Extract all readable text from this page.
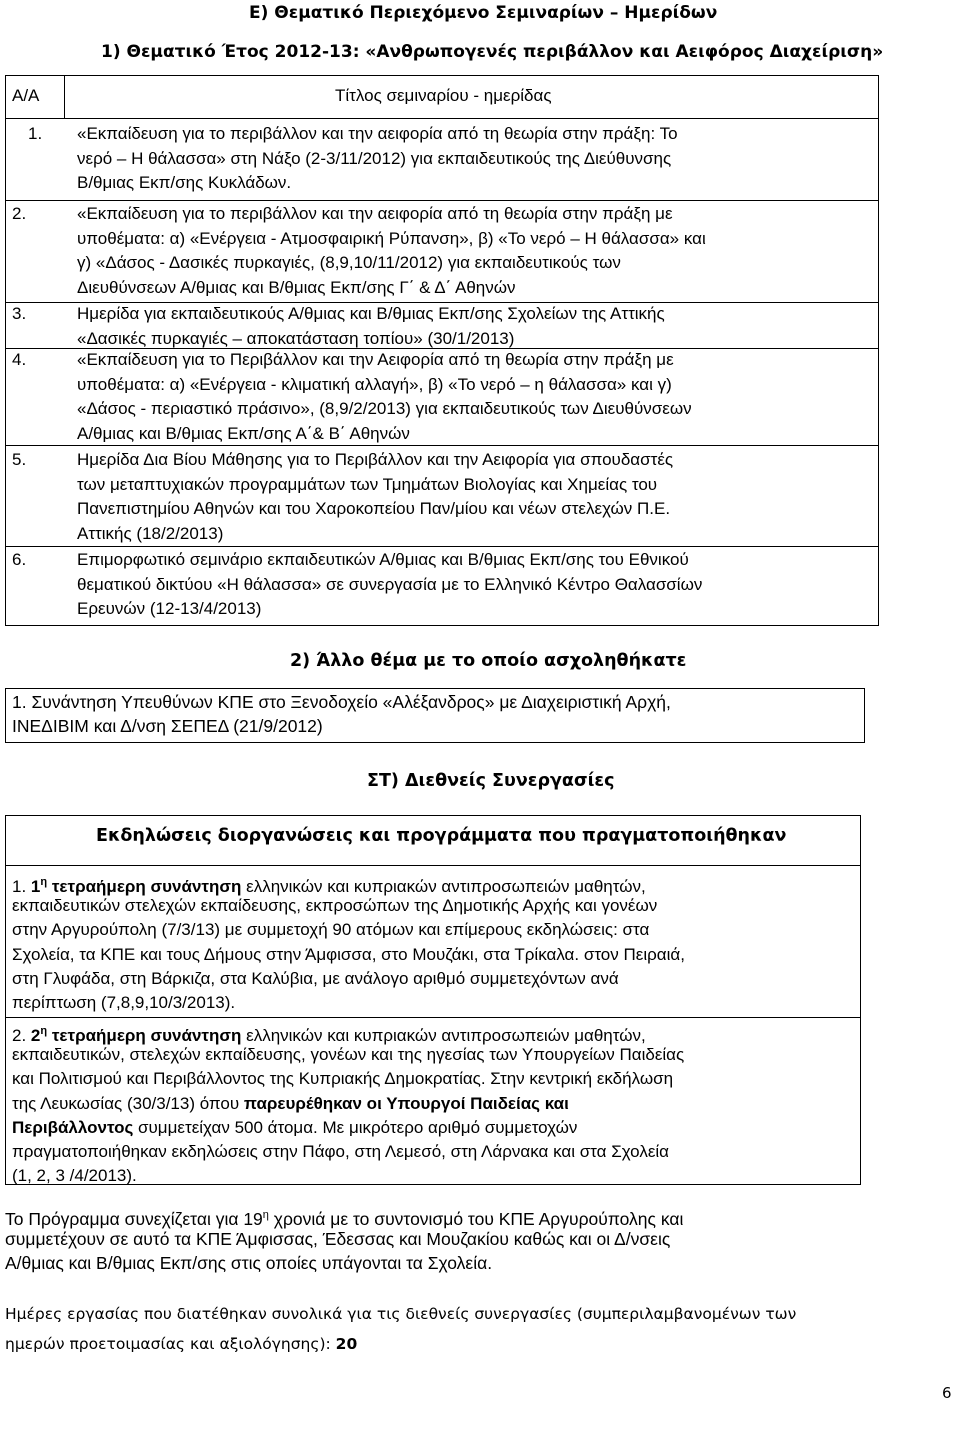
Ε) Θεματικό Περιεχόμενο Σεμιναρίων – Ημερίδων
1) Θεματικό Έτος 2012-13: «Ανθρωπογενές περιβάλλον και Αειφόρος Διαχείριση»
Α/Α	Τίτλος σεμιναρίου - ημερίδας
1. «Εκπαίδευση για το περιβάλλον και την αειφορία από τη θεωρία στην πράξη: Το
νερό – Η θάλασσα» στη Νάξο (2-3/11/2012) για εκπαιδευτικούς της Διεύθυνσης
Β/θμιας Εκπ/σης Κυκλάδων.
2.	«Εκπαίδευση για το περιβάλλον και την αειφορία από τη θεωρία στην πράξη με
υποθέματα: α) «Ενέργεια - Ατμοσφαιρική Ρύπανση», β) «Το νερό – Η θάλασσα» και
γ) «Δάσος - Δασικές πυρκαγιές, (8,9,10/11/2012) για εκπαιδευτικούς των
Διευθύνσεων Α/θμιας και Β/θμιας Εκπ/σης Γ΄ & Δ΄ Αθηνών
3.	Ημερίδα για εκπαιδευτικούς Α/θμιας και Β/θμιας Εκπ/σης Σχολείων της Αττικής
«Δασικές πυρκαγιές – αποκατάσταση τοπίου» (30/1/2013)
4.	«Εκπαίδευση για το Περιβάλλον και την Αειφορία από τη θεωρία στην πράξη με
υποθέματα: α) «Ενέργεια - κλιματική αλλαγή», β) «Το νερό – η θάλασσα» και γ)
«Δάσος - περιαστικό πράσινο», (8,9/2/2013) για εκπαιδευτικούς των Διευθύνσεων
Α/θμιας και Β/θμιας Εκπ/σης Α΄& Β΄ Αθηνών
5.	Ημερίδα Δια Βίου Μάθησης για το Περιβάλλον και την Αειφορία για σπουδαστές
των μεταπτυχιακών προγραμμάτων των Τμημάτων Βιολογίας και Χημείας του
Πανεπιστημίου Αθηνών και του Χαροκοπείου Παν/μίου και νέων στελεχών Π.Ε.
Αττικής (18/2/2013)
6.	Επιμορφωτικό σεμινάριο εκπαιδευτικών Α/θμιας και Β/θμιας Εκπ/σης του Εθνικού
θεματικού δικτύου «Η θάλασσα» σε συνεργασία με το Ελληνικό Κέντρο Θαλασσίων
Ερευνών (12-13/4/2013)
2) Άλλο θέμα με το οποίο ασχοληθήκατε
1. Συνάντηση Υπευθύνων ΚΠΕ στο Ξενοδοχείο «Αλέξανδρος» με Διαχειριστική Αρχή,
ΙΝΕΔΙΒΙΜ και Δ/νση ΣΕΠΕΔ (21/9/2012)
ΣΤ) Διεθνείς Συνεργασίες
Εκδηλώσεις διοργανώσεις και προγράμματα που πραγματοποιήθηκαν
1. $1^\eta$ τετραήμερη συνάντηση ελληνικών και κυπριακών αντιπροσωπειών μαθητών,
εκπαιδευτικών στελεχών εκπαίδευσης, εκπροσώπων της Δημοτικής Αρχής και γονέων
στην Αργυρούπολη (7/3/13) με συμμετοχή 90 ατόμων και επίμερους εκδηλώσεις: στα
Σχολεία, τα ΚΠΕ και τους Δήμους στην Άμφισσα, στο Μουζάκι, στα Τρίκαλα. στον Πειραιά,
στη Γλυφάδα, στη Βάρκιζα, στα Καλύβια, με ανάλογο αριθμό συμμετεχόντων ανά
περίπτωση (7,8,9,10/3/2013).
2. $2^\eta$ τετραήμερη συνάντηση ελληνικών και κυπριακών αντιπροσωπειών μαθητών,
εκπαιδευτικών, στελεχών εκπαίδευσης, γονέων και της ηγεσίας των Υπουργείων Παιδείας
και Πολιτισμού και Περιβάλλοντος της Κυπριακής Δημοκρατίας. Στην κεντρική εκδήλωση
της Λευκωσίας (30/3/13) όπου παρευρέθηκαν οι Υπουργοί Παιδείας και
Περιβάλλοντος συμμετείχαν 500 άτομα. Με μικρότερο αριθμό συμμετοχών
πραγματοποιήθηκαν εκδηλώσεις στην Πάφο, στη Λεμεσό, στη Λάρνακα και στα Σχολεία
(1, 2, 3 /4/2013).
Το Πρόγραμμα συνεχίζεται για $19^\eta$ χρονιά με το συντονισμό του ΚΠΕ Αργυρούπολης και
συμμετέχουν σε αυτό τα ΚΠΕ Άμφισσας, Έδεσσας και Μουζακίου καθώς και οι Δ/νσεις
Α/θμιας και Β/θμιας Εκπ/σης στις οποίες υπάγονται τα Σχολεία.
Ημέρες εργασίας που διατέθηκαν συνολικά για τις διεθνείς συνεργασίες (συμπεριλαμβανομένων των
ημερών προετοιμασίας και αξιολόγησης): 20
6
